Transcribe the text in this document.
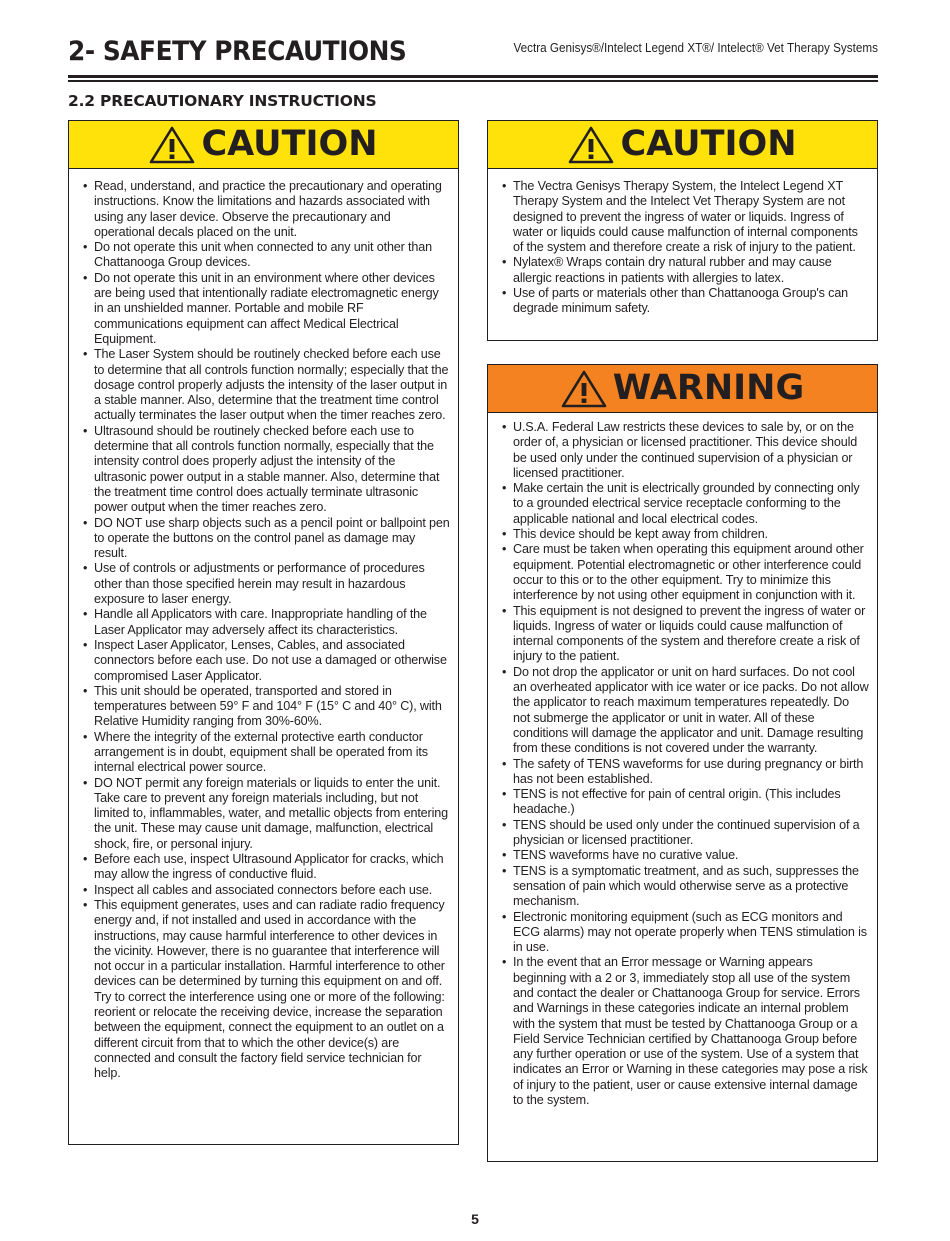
2- SAFETY PRECAUTIONS	Vectra Genisys®/Intelect Legend XT®/ Intelect® Vet Therapy Systems
2.2 PRECAUTIONARY INSTRUCTIONS
CAUTION
• Read, understand, and practice the precautionary and operating instructions. Know the limitations and hazards associated with using any laser device. Observe the precautionary and operational decals placed on the unit.
• Do not operate this unit when connected to any unit other than Chattanooga Group devices.
• Do not operate this unit in an environment where other devices are being used that intentionally radiate electromagnetic energy in an unshielded manner. Portable and mobile RF communications equipment can affect Medical Electrical Equipment.
• The Laser System should be routinely checked before each use to determine that all controls function normally; especially that the dosage control properly adjusts the intensity of the laser output in a stable manner. Also, determine that the treatment time control actually terminates the laser output when the timer reaches zero.
• Ultrasound should be routinely checked before each use to determine that all controls function normally, especially that the intensity control does properly adjust the intensity of the ultrasonic power output in a stable manner. Also, determine that the treatment time control does actually terminate ultrasonic power output when the timer reaches zero.
• DO NOT use sharp objects such as a pencil point or ballpoint pen to operate the buttons on the control panel as damage may result.
• Use of controls or adjustments or performance of procedures other than those specified herein may result in hazardous exposure to laser energy.
• Handle all Applicators with care. Inappropriate handling of the Laser Applicator may adversely affect its characteristics.
• Inspect Laser Applicator, Lenses, Cables, and associated connectors before each use. Do not use a damaged or otherwise compromised Laser Applicator.
• This unit should be operated, transported and stored in temperatures between 59° F and 104° F (15° C and 40° C), with Relative Humidity ranging from 30%-60%.
• Where the integrity of the external protective earth conductor arrangement is in doubt, equipment shall be operated from its internal electrical power source.
• DO NOT permit any foreign materials or liquids to enter the unit. Take care to prevent any foreign materials including, but not limited to, inflammables, water, and metallic objects from entering the unit. These may cause unit damage, malfunction, electrical shock, fire, or personal injury.
• Before each use, inspect Ultrasound Applicator for cracks, which may allow the ingress of conductive fluid.
• Inspect all cables and associated connectors before each use.
• This equipment generates, uses and can radiate radio frequency energy and, if not installed and used in accordance with the instructions, may cause harmful interference to other devices in the vicinity. However, there is no guarantee that interference will not occur in a particular installation. Harmful interference to other devices can be determined by turning this equipment on and off. Try to correct the interference using one or more of the following: reorient or relocate the receiving device, increase the separation between the equipment, connect the equipment to an outlet on a different circuit from that to which the other device(s) are connected and consult the factory field service technician for help.
CAUTION
• The Vectra Genisys Therapy System, the Intelect Legend XT Therapy System and the Intelect Vet Therapy System are not designed to prevent the ingress of water or liquids. Ingress of water or liquids could cause malfunction of internal components of the system and therefore create a risk of injury to the patient.
• Nylatex® Wraps contain dry natural rubber and may cause allergic reactions in patients with allergies to latex.
• Use of parts or materials other than Chattanooga Group's can degrade minimum safety.
WARNING
• U.S.A. Federal Law restricts these devices to sale by, or on the order of, a physician or licensed practitioner. This device should be used only under the continued supervision of a physician or licensed practitioner.
• Make certain the unit is electrically grounded by connecting only to a grounded electrical service receptacle conforming to the applicable national and local electrical codes.
• This device should be kept away from children.
• Care must be taken when operating this equipment around other equipment. Potential electromagnetic or other interference could occur to this or to the other equipment. Try to minimize this interference by not using other equipment in conjunction with it.
• This equipment is not designed to prevent the ingress of water or liquids. Ingress of water or liquids could cause malfunction of internal components of the system and therefore create a risk of injury to the patient.
• Do not drop the applicator or unit on hard surfaces. Do not cool an overheated applicator with ice water or ice packs. Do not allow the applicator to reach maximum temperatures repeatedly. Do not submerge the applicator or unit in water. All of these conditions will damage the applicator and unit. Damage resulting from these conditions is not covered under the warranty.
• The safety of TENS waveforms for use during pregnancy or birth has not been established.
• TENS is not effective for pain of central origin. (This includes headache.)
• TENS should be used only under the continued supervision of a physician or licensed practitioner.
• TENS waveforms have no curative value.
• TENS is a symptomatic treatment, and as such, suppresses the sensation of pain which would otherwise serve as a protective mechanism.
• Electronic monitoring equipment (such as ECG monitors and ECG alarms) may not operate properly when TENS stimulation is in use.
• In the event that an Error message or Warning appears beginning with a 2 or 3, immediately stop all use of the system and contact the dealer or Chattanooga Group for service. Errors and Warnings in these categories indicate an internal problem with the system that must be tested by Chattanooga Group or a Field Service Technician certified by Chattanooga Group before any further operation or use of the system. Use of a system that indicates an Error or Warning in these categories may pose a risk of injury to the patient, user or cause extensive internal damage to the system.
5
